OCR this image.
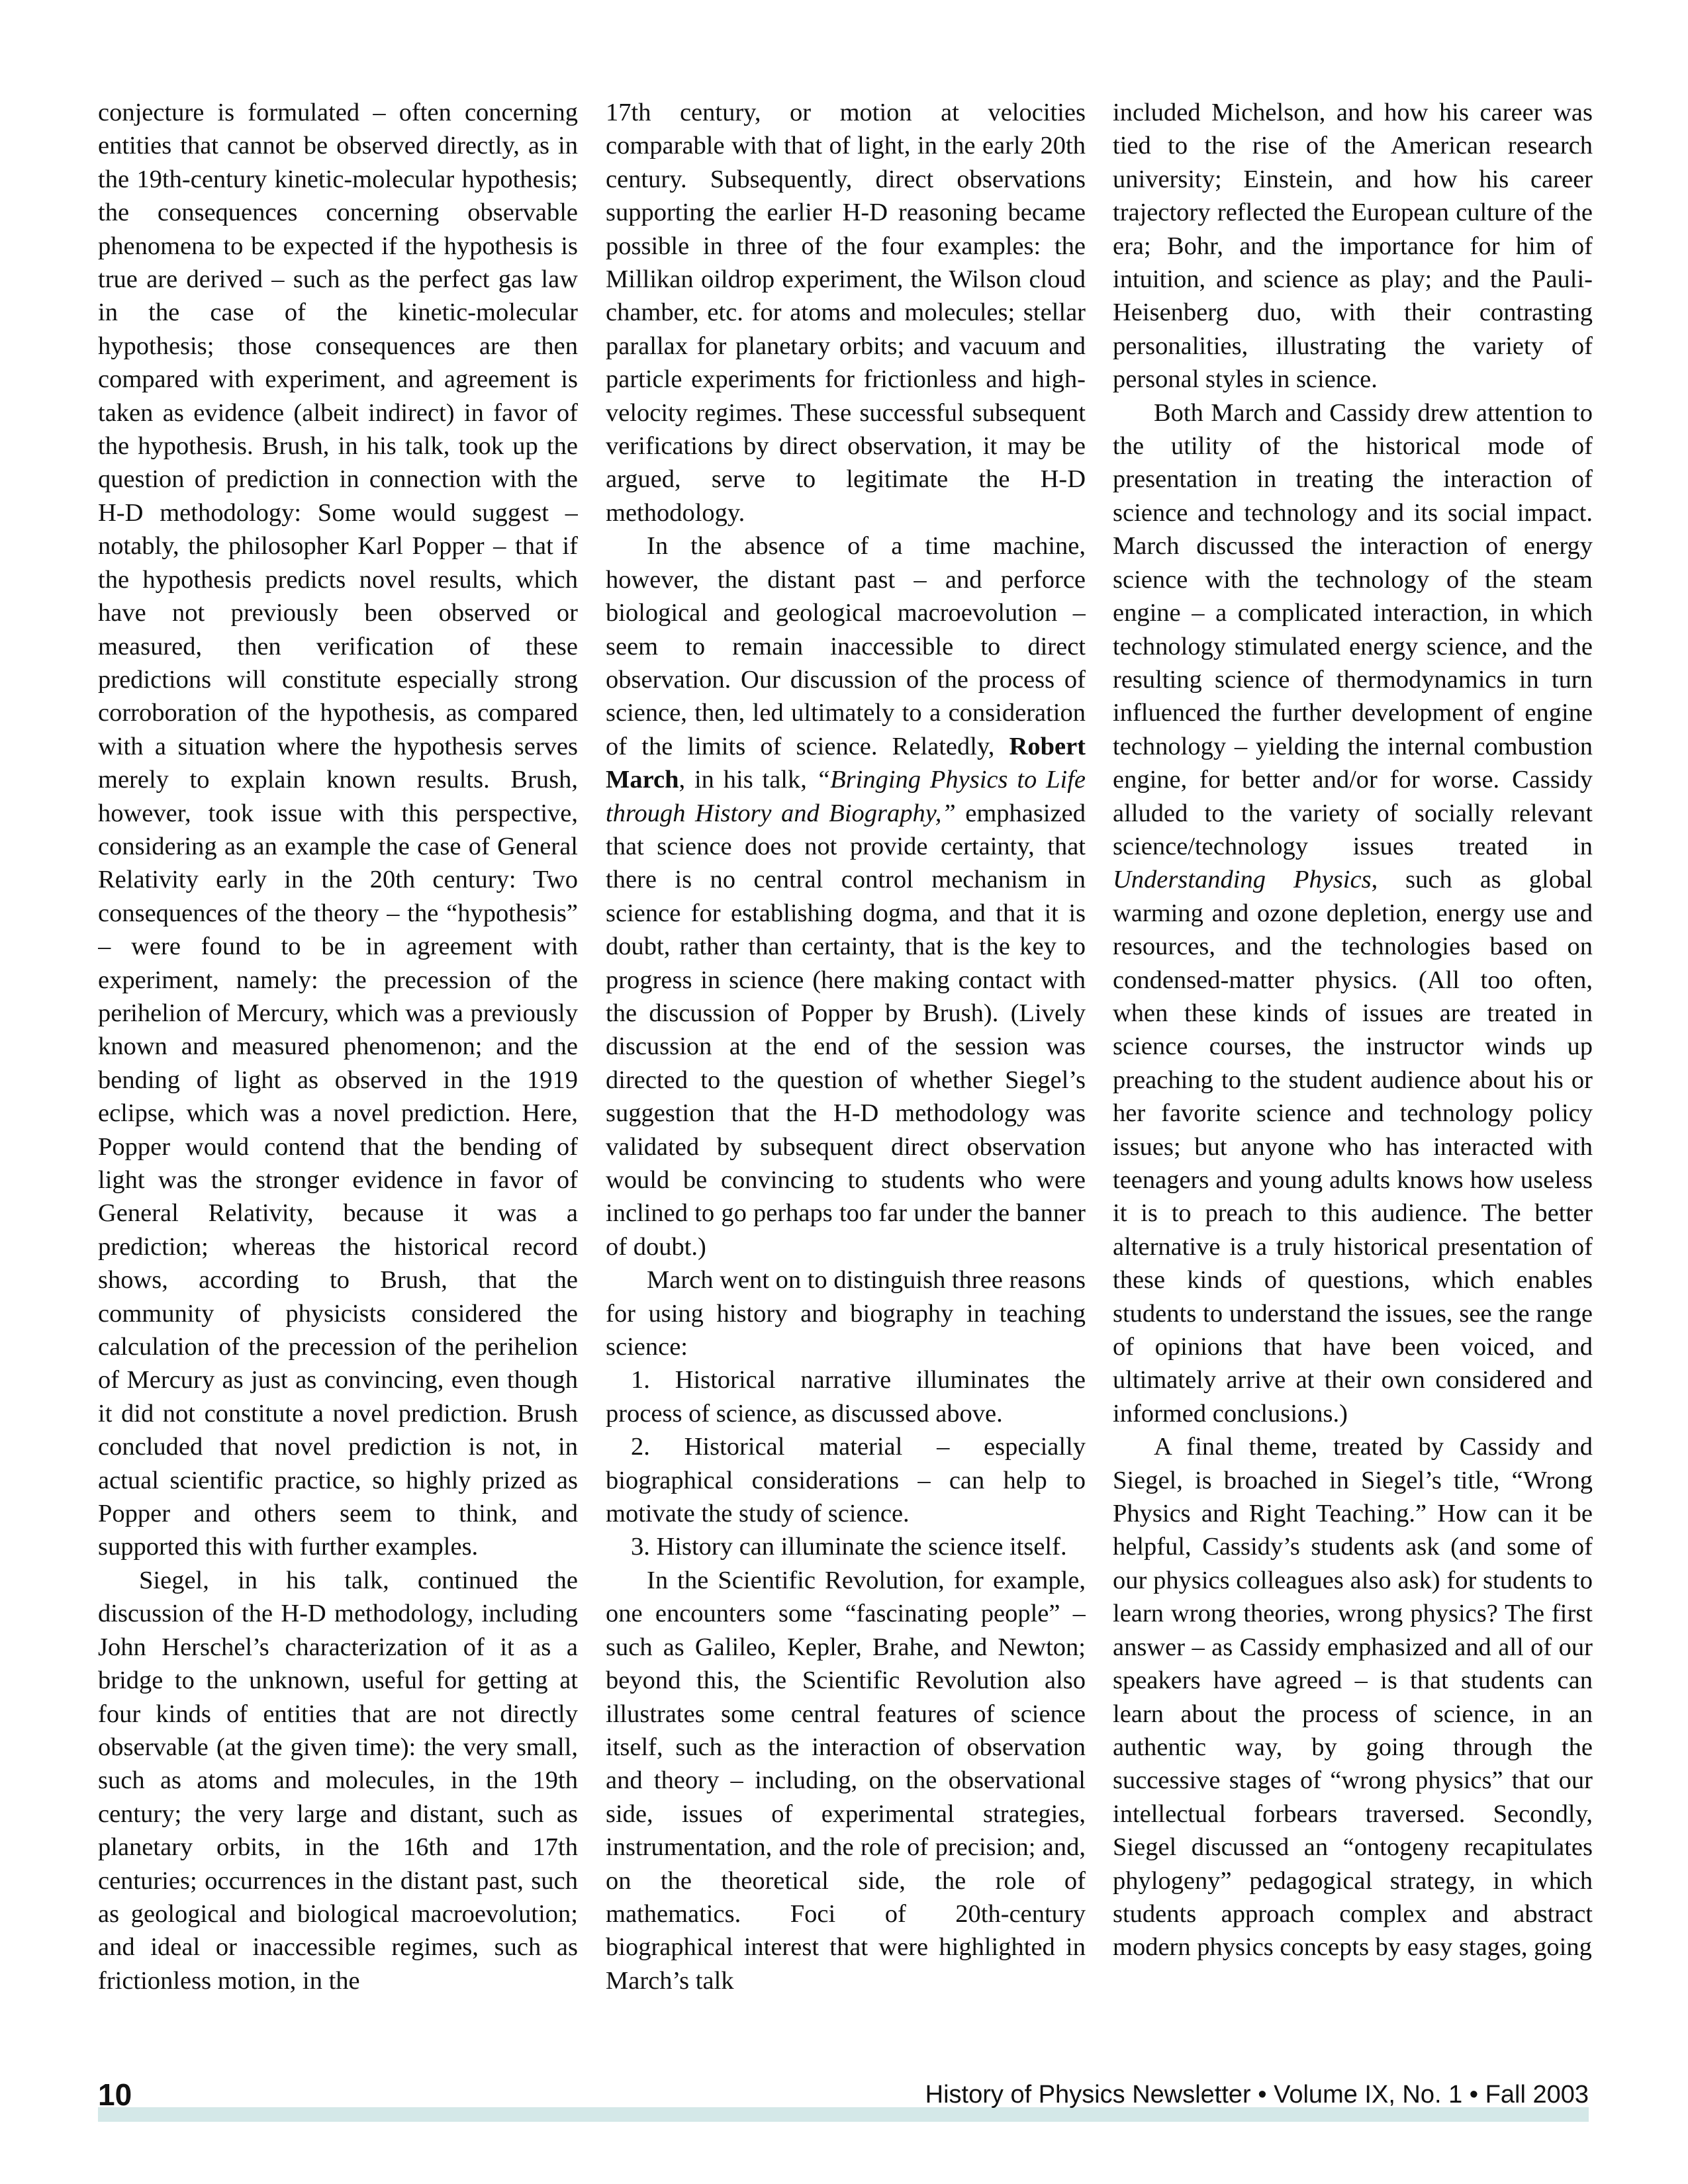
conjecture is formulated – often concerning entities that cannot be observed directly, as in the 19th-century kinetic-molecular hypothesis; the consequences concerning observable phenomena to be expected if the hypothesis is true are derived – such as the perfect gas law in the case of the kinetic-molecular hypothesis; those consequences are then compared with experiment, and agreement is taken as evidence (albeit indirect) in favor of the hypothesis. Brush, in his talk, took up the question of prediction in connection with the H-D methodology: Some would suggest – notably, the philosopher Karl Popper – that if the hypothesis predicts novel results, which have not previously been observed or measured, then verification of these predictions will constitute especially strong corroboration of the hypothesis, as compared with a situation where the hypothesis serves merely to explain known results. Brush, however, took issue with this perspective, considering as an example the case of General Relativity early in the 20th century: Two consequences of the theory – the “hypothesis” – were found to be in agreement with experiment, namely: the precession of the perihelion of Mercury, which was a previously known and measured phenomenon; and the bending of light as observed in the 1919 eclipse, which was a novel prediction. Here, Popper would contend that the bending of light was the stronger evidence in favor of General Relativity, because it was a prediction; whereas the historical record shows, according to Brush, that the community of physicists considered the calculation of the precession of the perihelion of Mercury as just as convincing, even though it did not constitute a novel prediction. Brush concluded that novel prediction is not, in actual scientific practice, so highly prized as Popper and others seem to think, and supported this with further examples.

Siegel, in his talk, continued the discussion of the H-D methodology, including John Herschel’s characterization of it as a bridge to the unknown, useful for getting at four kinds of entities that are not directly observable (at the given time): the very small, such as atoms and molecules, in the 19th century; the very large and distant, such as planetary orbits, in the 16th and 17th centuries; occurrences in the distant past, such as geological and biological macroevolution; and ideal or inaccessible regimes, such as frictionless motion, in the

17th century, or motion at velocities comparable with that of light, in the early 20th century. Subsequently, direct observations supporting the earlier H-D reasoning became possible in three of the four examples: the Millikan oildrop experiment, the Wilson cloud chamber, etc. for atoms and molecules; stellar parallax for planetary orbits; and vacuum and particle experiments for frictionless and high-velocity regimes. These successful subsequent verifications by direct observation, it may be argued, serve to legitimate the H-D methodology.

In the absence of a time machine, however, the distant past – and perforce biological and geological macroevolution – seem to remain inaccessible to direct observation. Our discussion of the process of science, then, led ultimately to a consideration of the limits of science. Relatedly, Robert March, in his talk, “Bringing Physics to Life through History and Biography,” emphasized that science does not provide certainty, that there is no central control mechanism in science for establishing dogma, and that it is doubt, rather than certainty, that is the key to progress in science (here making contact with the discussion of Popper by Brush). (Lively discussion at the end of the session was directed to the question of whether Siegel’s suggestion that the H-D methodology was validated by subsequent direct observation would be convincing to students who were inclined to go perhaps too far under the banner of doubt.)

March went on to distinguish three reasons for using history and biography in teaching science:

1. Historical narrative illuminates the process of science, as discussed above.

2. Historical material – especially biographical considerations – can help to motivate the study of science.

3. History can illuminate the science itself.

In the Scientific Revolution, for example, one encounters some “fascinating people” – such as Galileo, Kepler, Brahe, and Newton; beyond this, the Scientific Revolution also illustrates some central features of science itself, such as the interaction of observation and theory – including, on the observational side, issues of experimental strategies, instrumentation, and the role of precision; and, on the theoretical side, the role of mathematics. Foci of 20th-century biographical interest that were highlighted in March’s talk

included Michelson, and how his career was tied to the rise of the American research university; Einstein, and how his career trajectory reflected the European culture of the era; Bohr, and the importance for him of intuition, and science as play; and the Pauli-Heisenberg duo, with their contrasting personalities, illustrating the variety of personal styles in science.

Both March and Cassidy drew attention to the utility of the historical mode of presentation in treating the interaction of science and technology and its social impact. March discussed the interaction of energy science with the technology of the steam engine – a complicated interaction, in which technology stimulated energy science, and the resulting science of thermodynamics in turn influenced the further development of engine technology – yielding the internal combustion engine, for better and/or for worse. Cassidy alluded to the variety of socially relevant science/technology issues treated in Understanding Physics, such as global warming and ozone depletion, energy use and resources, and the technologies based on condensed-matter physics. (All too often, when these kinds of issues are treated in science courses, the instructor winds up preaching to the student audience about his or her favorite science and technology policy issues; but anyone who has interacted with teenagers and young adults knows how useless it is to preach to this audience. The better alternative is a truly historical presentation of these kinds of questions, which enables students to understand the issues, see the range of opinions that have been voiced, and ultimately arrive at their own considered and informed conclusions.)

A final theme, treated by Cassidy and Siegel, is broached in Siegel’s title, “Wrong Physics and Right Teaching.” How can it be helpful, Cassidy’s students ask (and some of our physics colleagues also ask) for students to learn wrong theories, wrong physics? The first answer – as Cassidy emphasized and all of our speakers have agreed – is that students can learn about the process of science, in an authentic way, by going through the successive stages of “wrong physics” that our intellectual forbears traversed. Secondly, Siegel discussed an “ontogeny recapitulates phylogeny” pedagogical strategy, in which students approach complex and abstract modern physics concepts by easy stages, going

10	History of Physics Newsletter • Volume IX, No. 1 • Fall 2003
